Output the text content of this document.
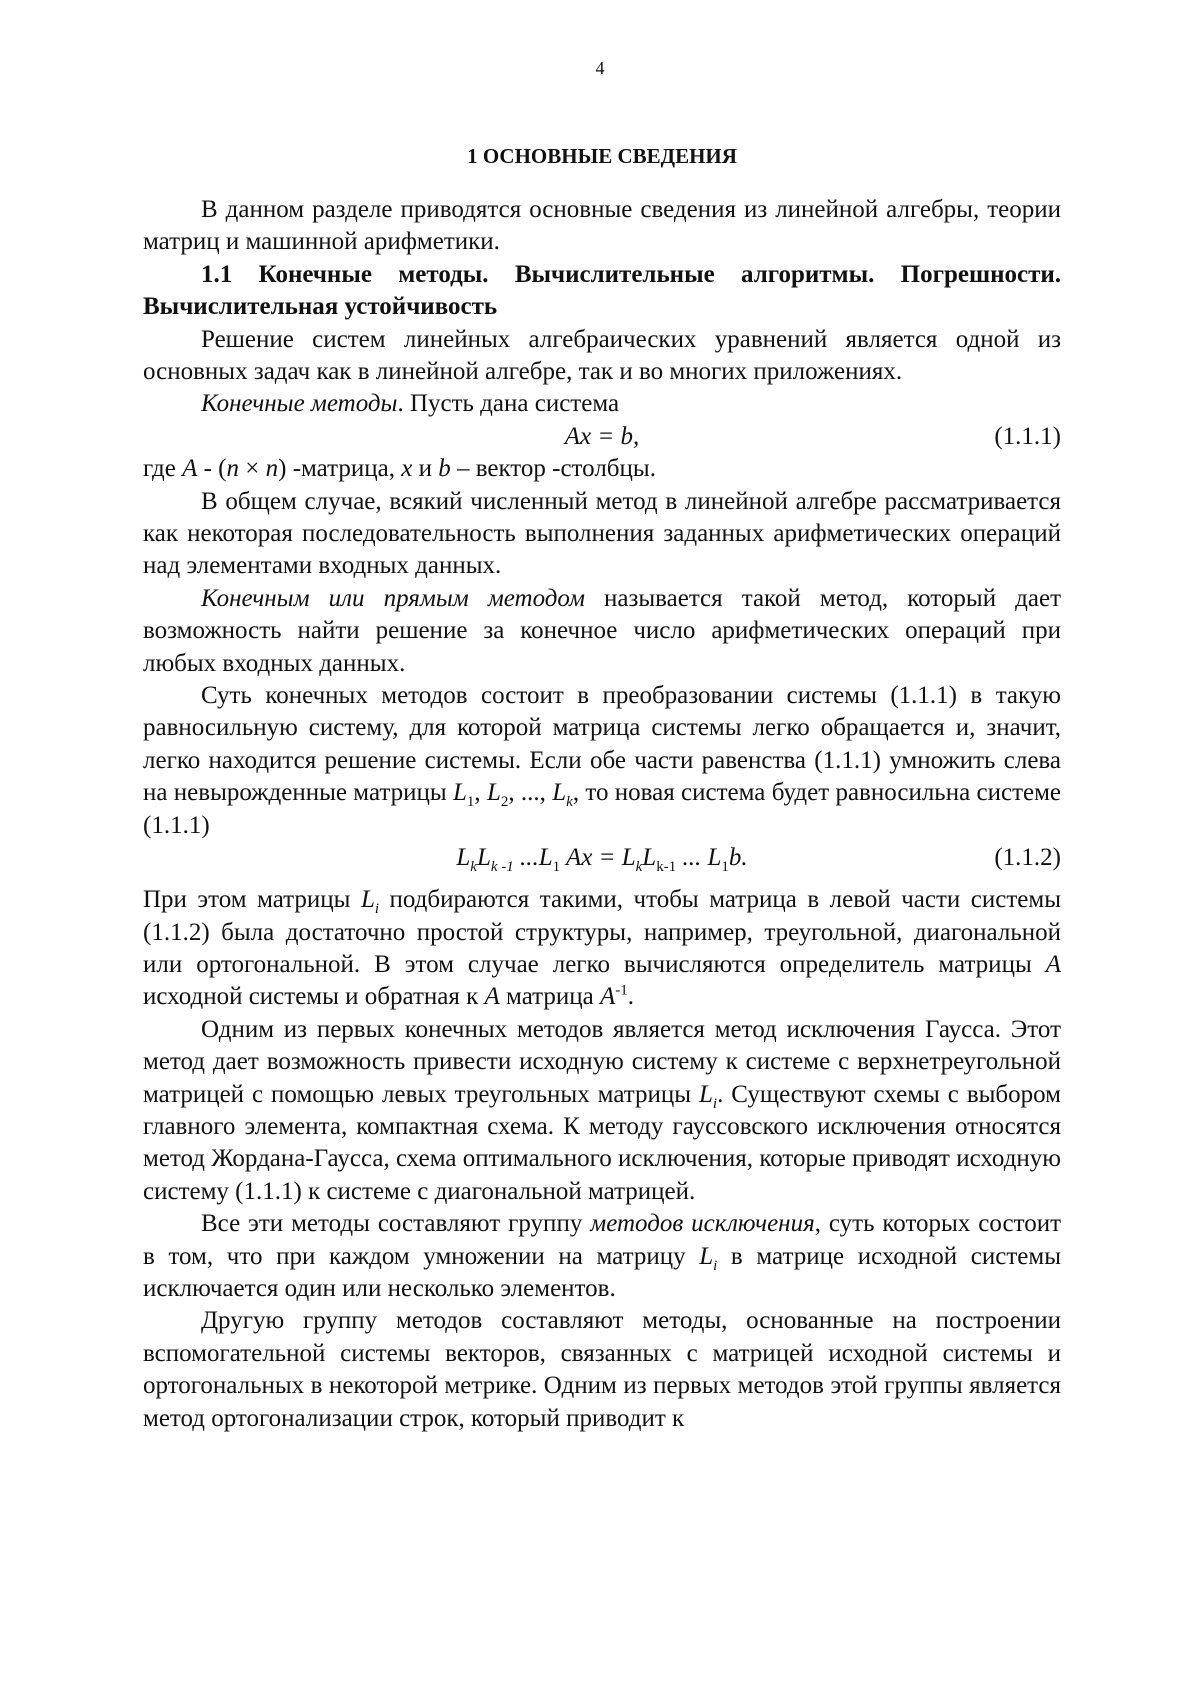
4
1 ОСНОВНЫЕ СВЕДЕНИЯ

В данном разделе приводятся основные сведения из линейной алгебры, теории матриц и машинной арифметики.

1.1 Конечные методы. Вычислительные алгоритмы. Погрешности. Вычислительная устойчивость

Решение систем линейных алгебраических уравнений является одной из основных задач как в линейной алгебре, так и во многих приложениях.

Конечные методы. Пусть дана система

Ax = b,	(1.1.1)

где A - (n × n) -матрица, x и b – вектор -столбцы.

В общем случае, всякий численный метод в линейной алгебре рассматривается как некоторая последовательность выполнения заданных арифметических операций над элементами входных данных.

Конечным или прямым методом называется такой метод, который дает возможность найти решение за конечное число арифметических операций при любых входных данных.

Суть конечных методов состоит в преобразовании системы (1.1.1) в такую равносильную систему, для которой матрица системы легко обращается и, значит, легко находится решение системы. Если обе части равенства (1.1.1) умножить слева на невырожденные матрицы $L_1$, $L_2$, ..., $L_k$, то новая система будет равносильна системе (1.1.1)

$L_kL_{k -1}$ $...L_1$ $Ax = L_kL_{k-1}$ ... $L_1b$.	(1.1.2)

При этом матрицы $L_i$ подбираются такими, чтобы матрица в левой части системы (1.1.2) была достаточно простой структуры, например, треугольной, диагональной или ортогональной. В этом случае легко вычисляются определитель матрицы A исходной системы и обратная к A матрица $A^{-1}$.

Одним из первых конечных методов является метод исключения Гаусса. Этот метод дает возможность привести исходную систему к системе с верхнетреугольной матрицей с помощью левых треугольных матрицы $L_i$. Существуют схемы с выбором главного элемента, компактная схема. К методу гауссовского исключения относятся метод Жордана-Гаусса, схема оптимального исключения, которые приводят исходную систему (1.1.1) к системе с диагональной матрицей.

Все эти методы составляют группу методов исключения, суть которых состоит в том, что при каждом умножении на матрицу $L_i$ в матрице исходной системы исключается один или несколько элементов.

Другую группу методов составляют методы, основанные на построении вспомогательной системы векторов, связанных с матрицей исходной системы и ортогональных в некоторой метрике. Одним из первых методов этой группы является метод ортогонализации строк, который приводит к
